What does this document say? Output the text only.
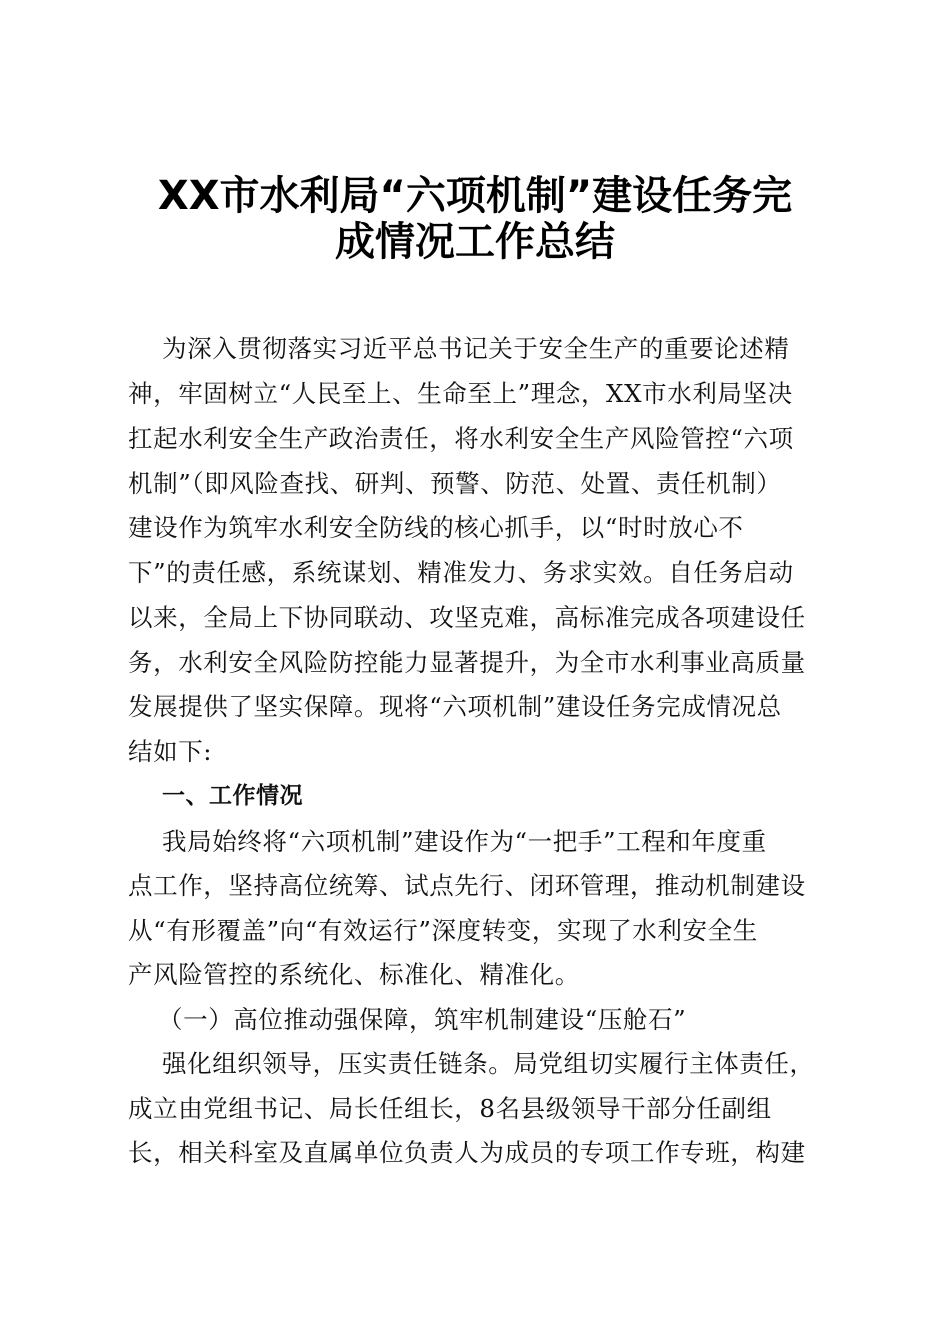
XX市水利局“六项机制”建设任务完
成情况工作总结
为深入贯彻落实习近平总书记关于安全生产的重要论述精
神，牢固树立“人民至上、生命至上”理念，XX市水利局坚决
扛起水利安全生产政治责任，将水利安全生产风险管控“六项
机制”（即风险查找、研判、预警、防范、处置、责任机制）
建设作为筑牢水利安全防线的核心抓手，以“时时放心不
下”的责任感，系统谋划、精准发力、务求实效。自任务启动
以来，全局上下协同联动、攻坚克难，高标准完成各项建设任
务，水利安全风险防控能力显著提升，为全市水利事业高质量
发展提供了坚实保障。现将“六项机制”建设任务完成情况总
结如下:
一、工作情况
我局始终将“六项机制”建设作为“一把手”工程和年度重
点工作，坚持高位统筹、试点先行、闭环管理，推动机制建设
从“有形覆盖”向“有效运行”深度转变，实现了水利安全生
产风险管控的系统化、标准化、精准化。
（一）高位推动强保障，筑牢机制建设“压舱石”
强化组织领导，压实责任链条。局党组切实履行主体责任，
成立由党组书记、局长任组长，8名县级领导干部分任副组
长，相关科室及直属单位负责人为成员的专项工作专班，构建
